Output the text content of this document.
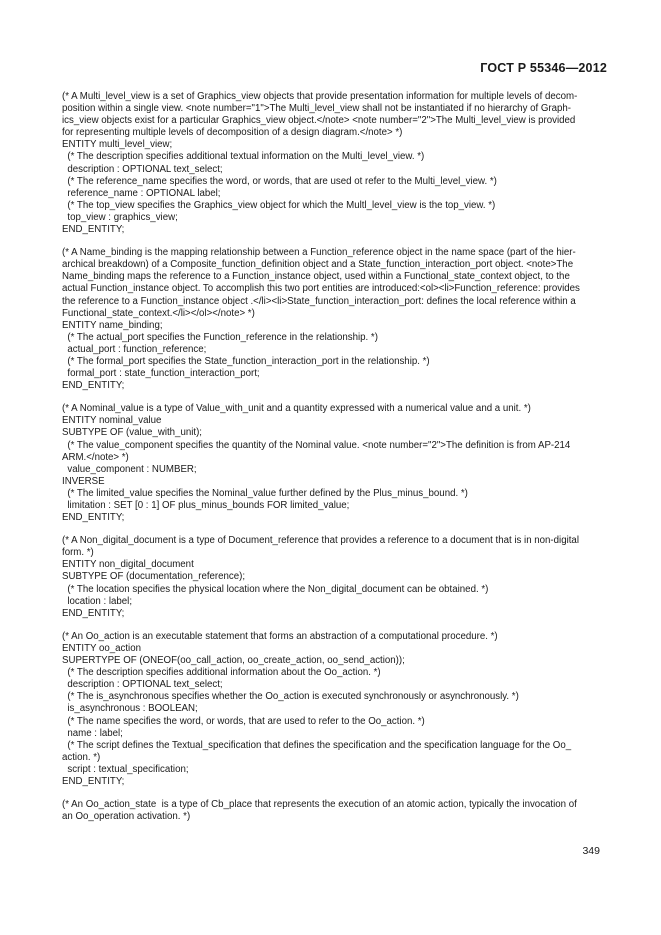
ГОСТ Р 55346—2012
(* A Multi_level_view is a set of Graphics_view objects that provide presentation information for multiple levels of decom-
position within a single view. <note number="1">The Multi_level_view shall not be instantiated if no hierarchy of Graph-
ics_view objects exist for a particular Graphics_view object.</note> <note number="2">The Multi_level_view is provided
for representing multiple levels of decomposition of a design diagram.</note> *)
ENTITY multi_level_view;
(* The description specifies additional textual information on the Multi_level_view. *)
description : OPTIONAL text_select;
(* The reference_name specifies the word, or words, that are used ot refer to the Multi_level_view. *)
reference_name : OPTIONAL label;
(* The top_view specifies the Graphics_view object for which the Multl_level_view is the top_view. *)
top_view : graphics_view;
END_ENTITY;
(* A Name_binding is the mapping relationship between a Function_reference object in the name space (part of the hier-
archical breakdown) of a Composite_function_definition object and a State_function_interaction_port object. <note>The
Name_binding maps the reference to a Function_instance object, used within a Functional_state_context object, to the
actual Function_instance object. To accomplish this two port entities are introduced:<ol><li>Function_reference: provides
the reference to a Function_instance object .</li><li>State_function_interaction_port: defines the local reference within a
Functional_state_context.</li></ol></note> *)
ENTITY name_binding;
(* The actual_port specifies the Function_reference in the relationship. *)
actual_port : function_reference;
(* The formal_port specifies the State_function_interaction_port in the relationship. *)
formal_port : state_function_interaction_port;
END_ENTITY;
(* A Nominal_value is a type of Value_with_unit and a quantity expressed with a numerical value and a unit. *)
ENTITY nominal_value
SUBTYPE OF (value_with_unit);
(* The value_component specifies the quantity of the Nominal value. <note number="2">The definition is from AP-214
ARM.</note> *)
value_component : NUMBER;
INVERSE
(* The limited_value specifies the Nominal_value further defined by the Plus_minus_bound. *)
limitation : SET [0 : 1] OF plus_minus_bounds FOR limited_value;
END_ENTITY;
(* A Non_digital_document is a type of Document_reference that provides a reference to a document that is in non-digital
form. *)
ENTITY non_digital_document
SUBTYPE OF (documentation_reference);
(* The location specifies the physical location where the Non_digital_document can be obtained. *)
location : label;
END_ENTITY;
(* An Oo_action is an executable statement that forms an abstraction of a computational procedure. *)
ENTITY oo_action
SUPERTYPE OF (ONEOF(oo_call_action, oo_create_action, oo_send_action));
(* The description specifies additional information about the Oo_action. *)
description : OPTIONAL text_select;
(* The is_asynchronous specifies whether the Oo_action is executed synchronously or asynchronously. *)
is_asynchronous : BOOLEAN;
(* The name specifies the word, or words, that are used to refer to the Oo_action. *)
name : label;
(* The script defines the Textual_specification that defines the specification and the specification language for the Oo_
action. *)
script : textual_specification;
END_ENTITY;
(* An Oo_action_state  is a type of Cb_place that represents the execution of an atomic action, typically the invocation of
an Oo_operation activation. *)
349
